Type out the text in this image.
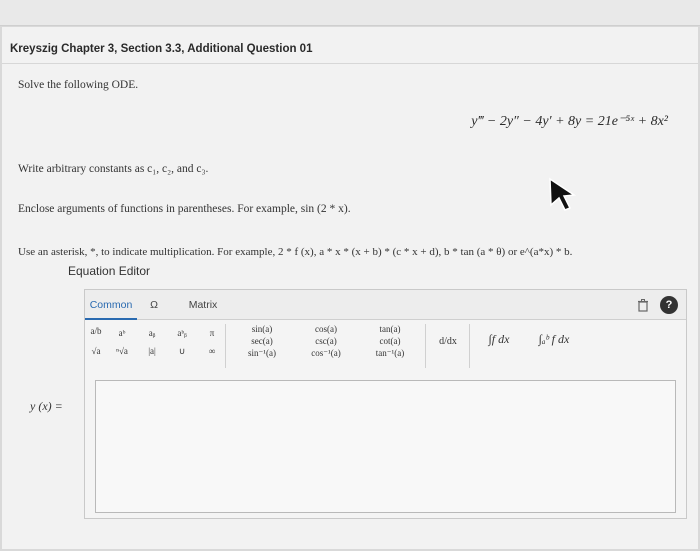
Kreyszig Chapter 3, Section 3.3, Additional Question 01
Solve the following ODE.
y‴ − 2y″ − 4y′ + 8y = 21e⁻⁵ˣ + 8x²
Write arbitrary constants as c₁, c₂, and c₃.
Enclose arguments of functions in parentheses. For example, sin (2 * x).
Use an asterisk, *, to indicate multiplication. For example, 2 * f (x), a * x * (x + b) * (c * x + d), b * tan (a * θ) or e^(a*x) * b.
Equation Editor
y (x) =
Common	Ω	Matrix	?
a/b
√a
aᵇ
ⁿ√a
aᵦ
|a|
aᵇᵦ
∪
π
∞
sin(a)
sec(a)
sin⁻¹(a)
cos(a)
csc(a)
cos⁻¹(a)
tan(a)
cot(a)
tan⁻¹(a)
d/dx	∫f dx	∫ₐᵇ f dx
